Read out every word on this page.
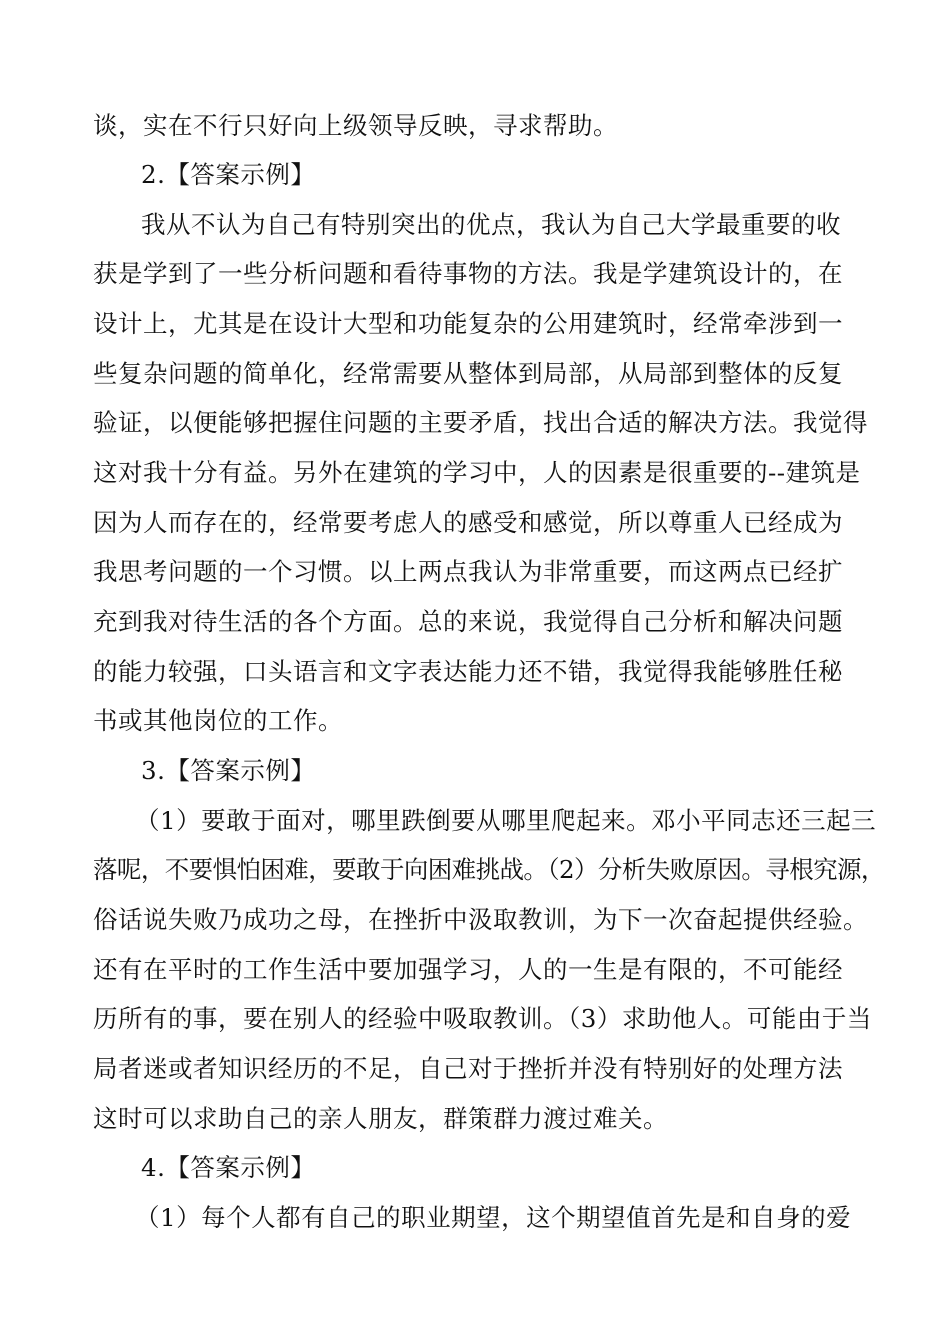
谈，实在不行只好向上级领导反映，寻求帮助。
2.【答案示例】
我从不认为自己有特别突出的优点，我认为自己大学最重要的收
获是学到了一些分析问题和看待事物的方法。我是学建筑设计的，在
设计上，尤其是在设计大型和功能复杂的公用建筑时，经常牵涉到一
些复杂问题的简单化，经常需要从整体到局部，从局部到整体的反复
验证，以便能够把握住问题的主要矛盾，找出合适的解决方法。我觉得
这对我十分有益。另外在建筑的学习中，人的因素是很重要的--建筑是
因为人而存在的，经常要考虑人的感受和感觉，所以尊重人已经成为
我思考问题的一个习惯。以上两点我认为非常重要，而这两点已经扩
充到我对待生活的各个方面。总的来说，我觉得自己分析和解决问题
的能力较强，口头语言和文字表达能力还不错，我觉得我能够胜任秘
书或其他岗位的工作。
3.【答案示例】
（1）要敢于面对，哪里跌倒要从哪里爬起来。邓小平同志还三起三
落呢，不要惧怕困难，要敢于向困难挑战。（2）分析失败原因。寻根究源，
俗话说失败乃成功之母，在挫折中汲取教训，为下一次奋起提供经验。
还有在平时的工作生活中要加强学习，人的一生是有限的，不可能经
历所有的事，要在别人的经验中吸取教训。（3）求助他人。可能由于当
局者迷或者知识经历的不足，自己对于挫折并没有特别好的处理方法
这时可以求助自己的亲人朋友，群策群力渡过难关。
4.【答案示例】
（1）每个人都有自己的职业期望，这个期望值首先是和自身的爱
